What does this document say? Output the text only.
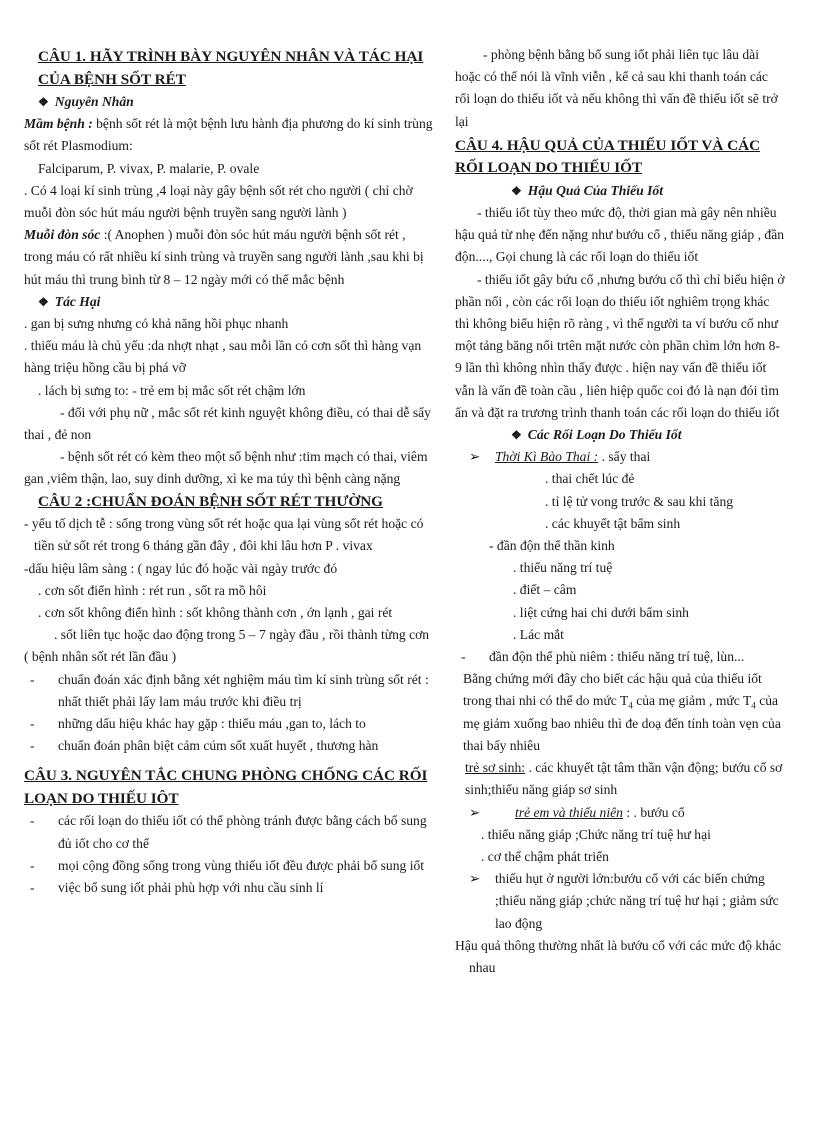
CÂU 1. HÃY TRÌNH BÀY NGUYÊN NHÂN VÀ TÁC HẠI CỦA BỆNH SỐT RÉT

❖ Nguyên Nhân

Mầm bệnh : bệnh sốt rét là một bệnh lưu hành địa phương do kí sinh trùng sốt rét Plasmodium:

Falciparum, P. vivax, P. malarie, P. ovale

. Có 4 loại kí sinh trùng ,4 loại này gây bệnh sốt rét cho người ( chỉ chờ muỗi đòn sóc hút máu người bệnh truyền sang người lành )

Muỗi đòn sóc :( Anophen ) muỗi đòn sóc hút máu người bệnh sốt rét , trong máu có rất nhiều kí sinh trùng và truyền sang người lành ,sau khi bị hút máu thì trung bình từ 8 – 12 ngày mới có thể mắc bệnh

❖ Tác Hại

. gan bị sưng nhưng có khả năng hồi phục nhanh

. thiếu máu là chủ yếu :da nhợt nhạt , sau mỗi lần có cơn sốt thì hàng vạn hàng triệu hồng cầu bị phá vỡ

. lách bị sưng to: - trẻ em bị mắc sốt rét chậm lớn

- đối với phụ nữ , mắc sốt rét kinh nguyệt không điều, có thai dễ sẩy thai , đẻ non

- bệnh sốt rét có kèm theo một số bệnh như :tim mạch có thai, viêm gan ,viêm thận, lao, suy dinh dưỡng, xì ke ma túy thì bệnh càng nặng

CÂU 2 :CHUẨN ĐOÁN BỆNH SỐT RÉT THƯỜNG

- yếu tố dịch tễ : sống trong vùng sốt rét hoặc qua lại vùng sốt rét hoặc có tiền sử sốt rét trong 6 tháng gần đây , đôi khi lâu hơn P . vivax

-dấu hiệu lâm sàng : ( ngay lúc đó hoặc vài ngày trước đó

. cơn sốt điển hình : rét run , sốt ra mồ hôi

. cơn sốt không điển hình : sốt không thành cơn , ớn lạnh , gai rét

. sốt liên tục hoặc dao động trong 5 – 7 ngày đầu , rồi thành từng cơn ( bệnh nhân sốt rét lần đầu )

-	chuẩn đoán xác định bằng xét nghiệm máu tìm kí sinh trùng sốt rét : nhất thiết phải lấy lam máu trước khi điều trị
-	những dấu hiệu khác hay gặp : thiếu máu ,gan to, lách to
-	chuẩn đoán phân biệt cảm cúm sốt xuất huyết , thương hàn

CÂU 3. NGUYÊN TẮC CHUNG PHÒNG CHỐNG CÁC RỐI LOẠN DO THIẾU IÔT

-	các rối loạn do thiếu iốt có thể phòng tránh được bằng cách bổ sung đủ iốt cho cơ thể
-	mọi cộng đồng sống trong vùng thiếu iốt đều được phải bổ sung iốt
-	việc bổ sung iốt phải phù hợp với nhu cầu sinh lí

- phòng bệnh bằng bổ sung iốt phải liên tục lâu dài hoặc có thể nói là vĩnh viễn , kể cả sau khi thanh toán các rối loạn do thiếu iốt và nếu không thì vấn đề thiếu iốt sẽ trở lại

CÂU 4. HẬU QUẢ CỦA THIẾU IỐT VÀ CÁC RỐI LOẠN DO THIẾU IỐT

❖ Hậu Quả Của Thiếu Iốt

- thiếu iốt tùy theo mức độ, thời gian mà gây nên nhiều hậu quả từ nhẹ đến nặng như bướu cổ , thiểu năng giáp , đần độn...., Gọi chung là các rối loạn do thiếu iốt

- thiếu iốt gây bứu cổ ,nhưng bướu cổ thì chỉ biểu hiện ở phần nổi , còn các rối loạn do thiếu iốt nghiêm trọng khác thì không biểu hiện rõ ràng , vì thế người ta ví bướu cổ như một tảng băng nổi trtên mặt nước còn phần chìm lớn hơn 8- 9 lần thì không nhìn thấy được . hiện nay vấn đề thiếu iốt vẫn là vấn đề toàn cầu , liên hiệp quốc coi đó là nạn đói tìm ẩn và đặt ra trương trình thanh toán các rối loạn do thiếu iốt

❖ Các Rối Loạn Do Thiếu Iốt

➢	Thời Kì Bào Thai : . sẩy thai

. thai chết lúc đẻ

. tỉ lệ tử vong trước & sau khi tăng

. các khuyết tật bẩm sinh

- đần độn thể thần kinh

. thiểu năng trí tuệ

. điết – câm

. liệt cứng hai chi dưới bẩm sinh

. Lác mắt

-	đần độn thể phù niêm : thiểu năng trí tuệ, lùn...

Bằng chứng mới đây cho biết các hậu quả của thiếu iốt trong thai nhi có thể do mức $T_4$ của mẹ giảm , mức $T_4$ của mẹ giảm xuống bao nhiêu thì đe doạ đến tính toàn vẹn của thai bấy nhiêu

trẻ sơ sinh: . các khuyết tật tâm thần vận động; bướu cổ sơ sinh;thiểu năng giáp sơ sinh

➢	trẻ em và thiếu niên : . bướu cổ

. thiểu năng giáp ;Chức năng trí tuệ hư hại

. cơ thể chậm phát triển

➢	thiếu hụt ở người lớn:bướu cổ với các biến chứng ;thiểu năng giáp ;chức năng trí tuệ hư hại ; giảm sức lao động

Hậu quả thông thường nhất là bướu cổ với các mức độ khác nhau
